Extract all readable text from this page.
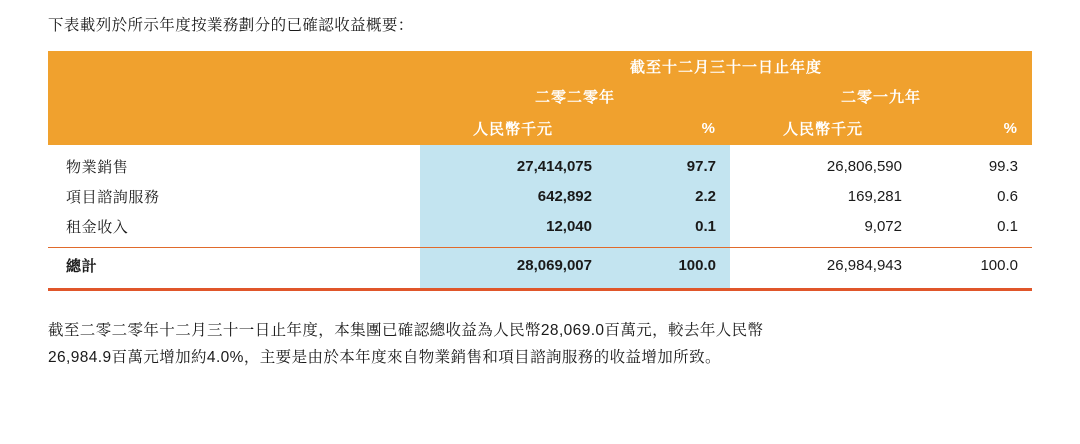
下表載列於所示年度按業務劃分的已確認收益概要：
	截至十二月三十一日止年度			
	二零二零年		二零一九年	
	人民幣千元	%	人民幣千元	%

物業銷售	27,414,075	97.7	26,806,590	99.3
項目諮詢服務	642,892	2.2	169,281	0.6
租金收入	12,040	0.1	9,072	0.1

總計	28,069,007	100.0	26,984,943	100.0

截至二零二零年十二月三十一日止年度，本集團已確認總收益為人民幣28,069.0百萬元，較去年人民幣
26,984.9百萬元增加約4.0%，主要是由於本年度來自物業銷售和項目諮詢服務的收益增加所致。
